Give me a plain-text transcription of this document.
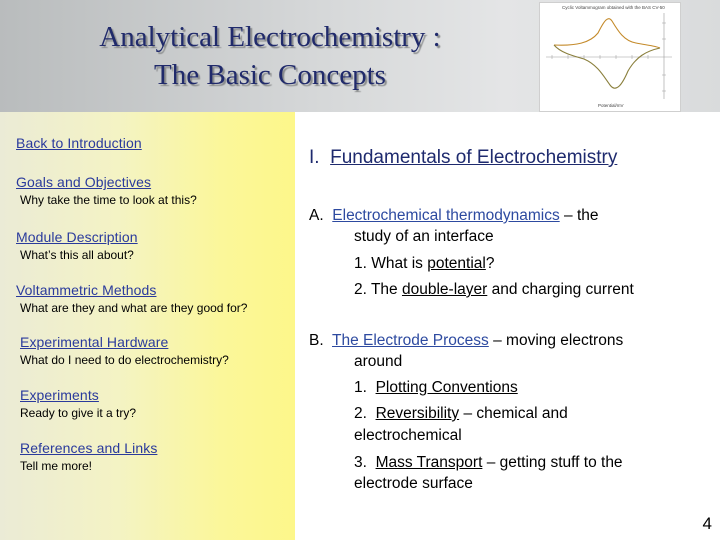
Analytical Electrochemistry :
The Basic Concepts
Cyclic Voltammogram obtained with the BAS CV-50
Potential/mV
Back to Introduction
Goals and Objectives
Why take the time to look at this?
Module Description
What’s this all about?
Voltammetric Methods
What are they and what are they good for?
Experimental Hardware
What do I need to do electrochemistry?
Experiments
Ready to give it a try?
References and Links
Tell me more!
I. Fundamentals of Electrochemistry
A. Electrochemical thermodynamics – the
study of an interface
1. What is potential?
2. The double-layer and charging current
B. The Electrode Process – moving electrons
around
1. Plotting Conventions
2. Reversibility – chemical and
electrochemical
3. Mass Transport – getting stuff to the
electrode surface
4
